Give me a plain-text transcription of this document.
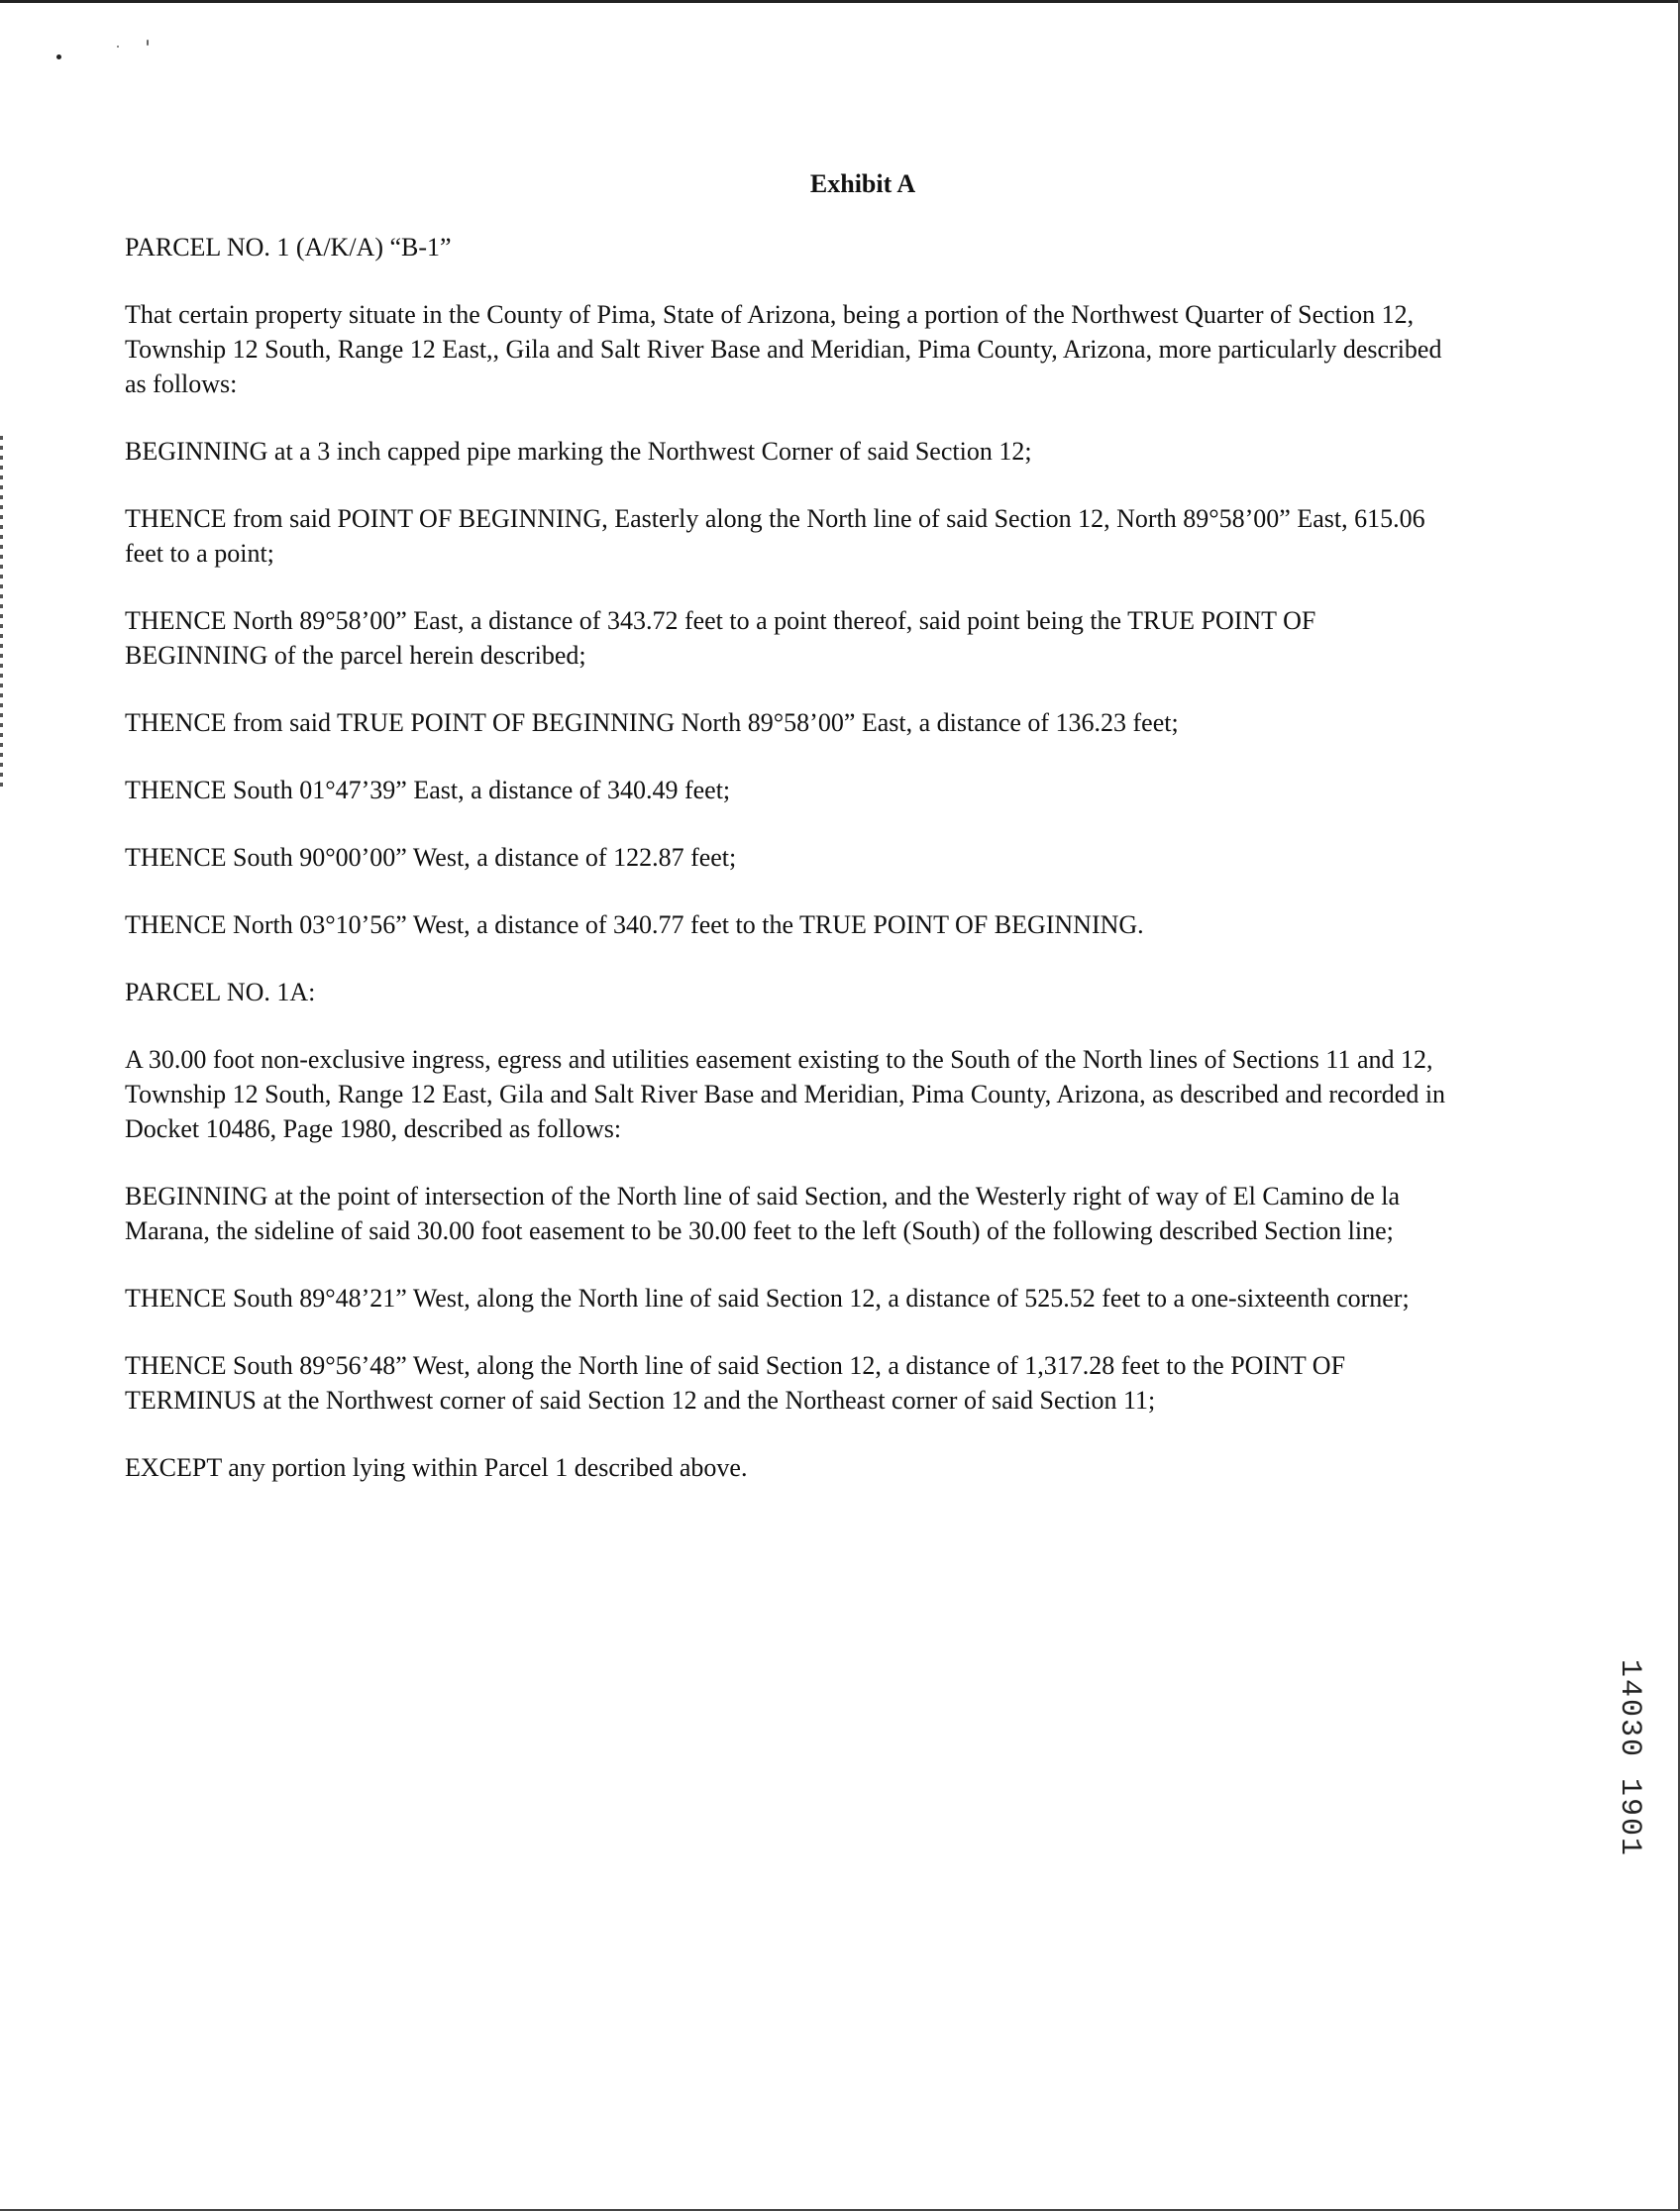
Exhibit A
PARCEL NO. 1 (A/K/A) “B-1”
That certain property situate in the County of Pima, State of Arizona, being a portion of the Northwest Quarter of Section 12,
Township 12 South, Range 12 East,, Gila and Salt River Base and Meridian, Pima County, Arizona, more particularly described
as follows:
BEGINNING at a 3 inch capped pipe marking the Northwest Corner of said Section 12;
THENCE from said POINT OF BEGINNING, Easterly along the North line of said Section 12, North 89°58’00” East, 615.06
feet to a point;
THENCE North 89°58’00” East, a distance of 343.72 feet to a point thereof, said point being the TRUE POINT OF
BEGINNING of the parcel herein described;
THENCE from said TRUE POINT OF BEGINNING North 89°58’00” East, a distance of 136.23 feet;
THENCE South 01°47’39” East, a distance of 340.49 feet;
THENCE South 90°00’00” West, a distance of 122.87 feet;
THENCE North 03°10’56” West, a distance of 340.77 feet to the TRUE POINT OF BEGINNING.
PARCEL NO. 1A:
A 30.00 foot non-exclusive ingress, egress and utilities easement existing to the South of the North lines of Sections 11 and 12,
Township 12 South, Range 12 East, Gila and Salt River Base and Meridian, Pima County, Arizona, as described and recorded in
Docket 10486, Page 1980, described as follows:
BEGINNING at the point of intersection of the North line of said Section, and the Westerly right of way of El Camino de la
Marana, the sideline of said 30.00 foot easement to be 30.00 feet to the left (South) of the following described Section line;
THENCE South 89°48’21” West, along the North line of said Section 12, a distance of 525.52 feet to a one-sixteenth corner;
THENCE South 89°56’48” West, along the North line of said Section 12, a distance of 1,317.28 feet to the POINT OF
TERMINUS at the Northwest corner of said Section 12 and the Northeast corner of said Section 11;
EXCEPT any portion lying within Parcel 1 described above.
14030 1901
